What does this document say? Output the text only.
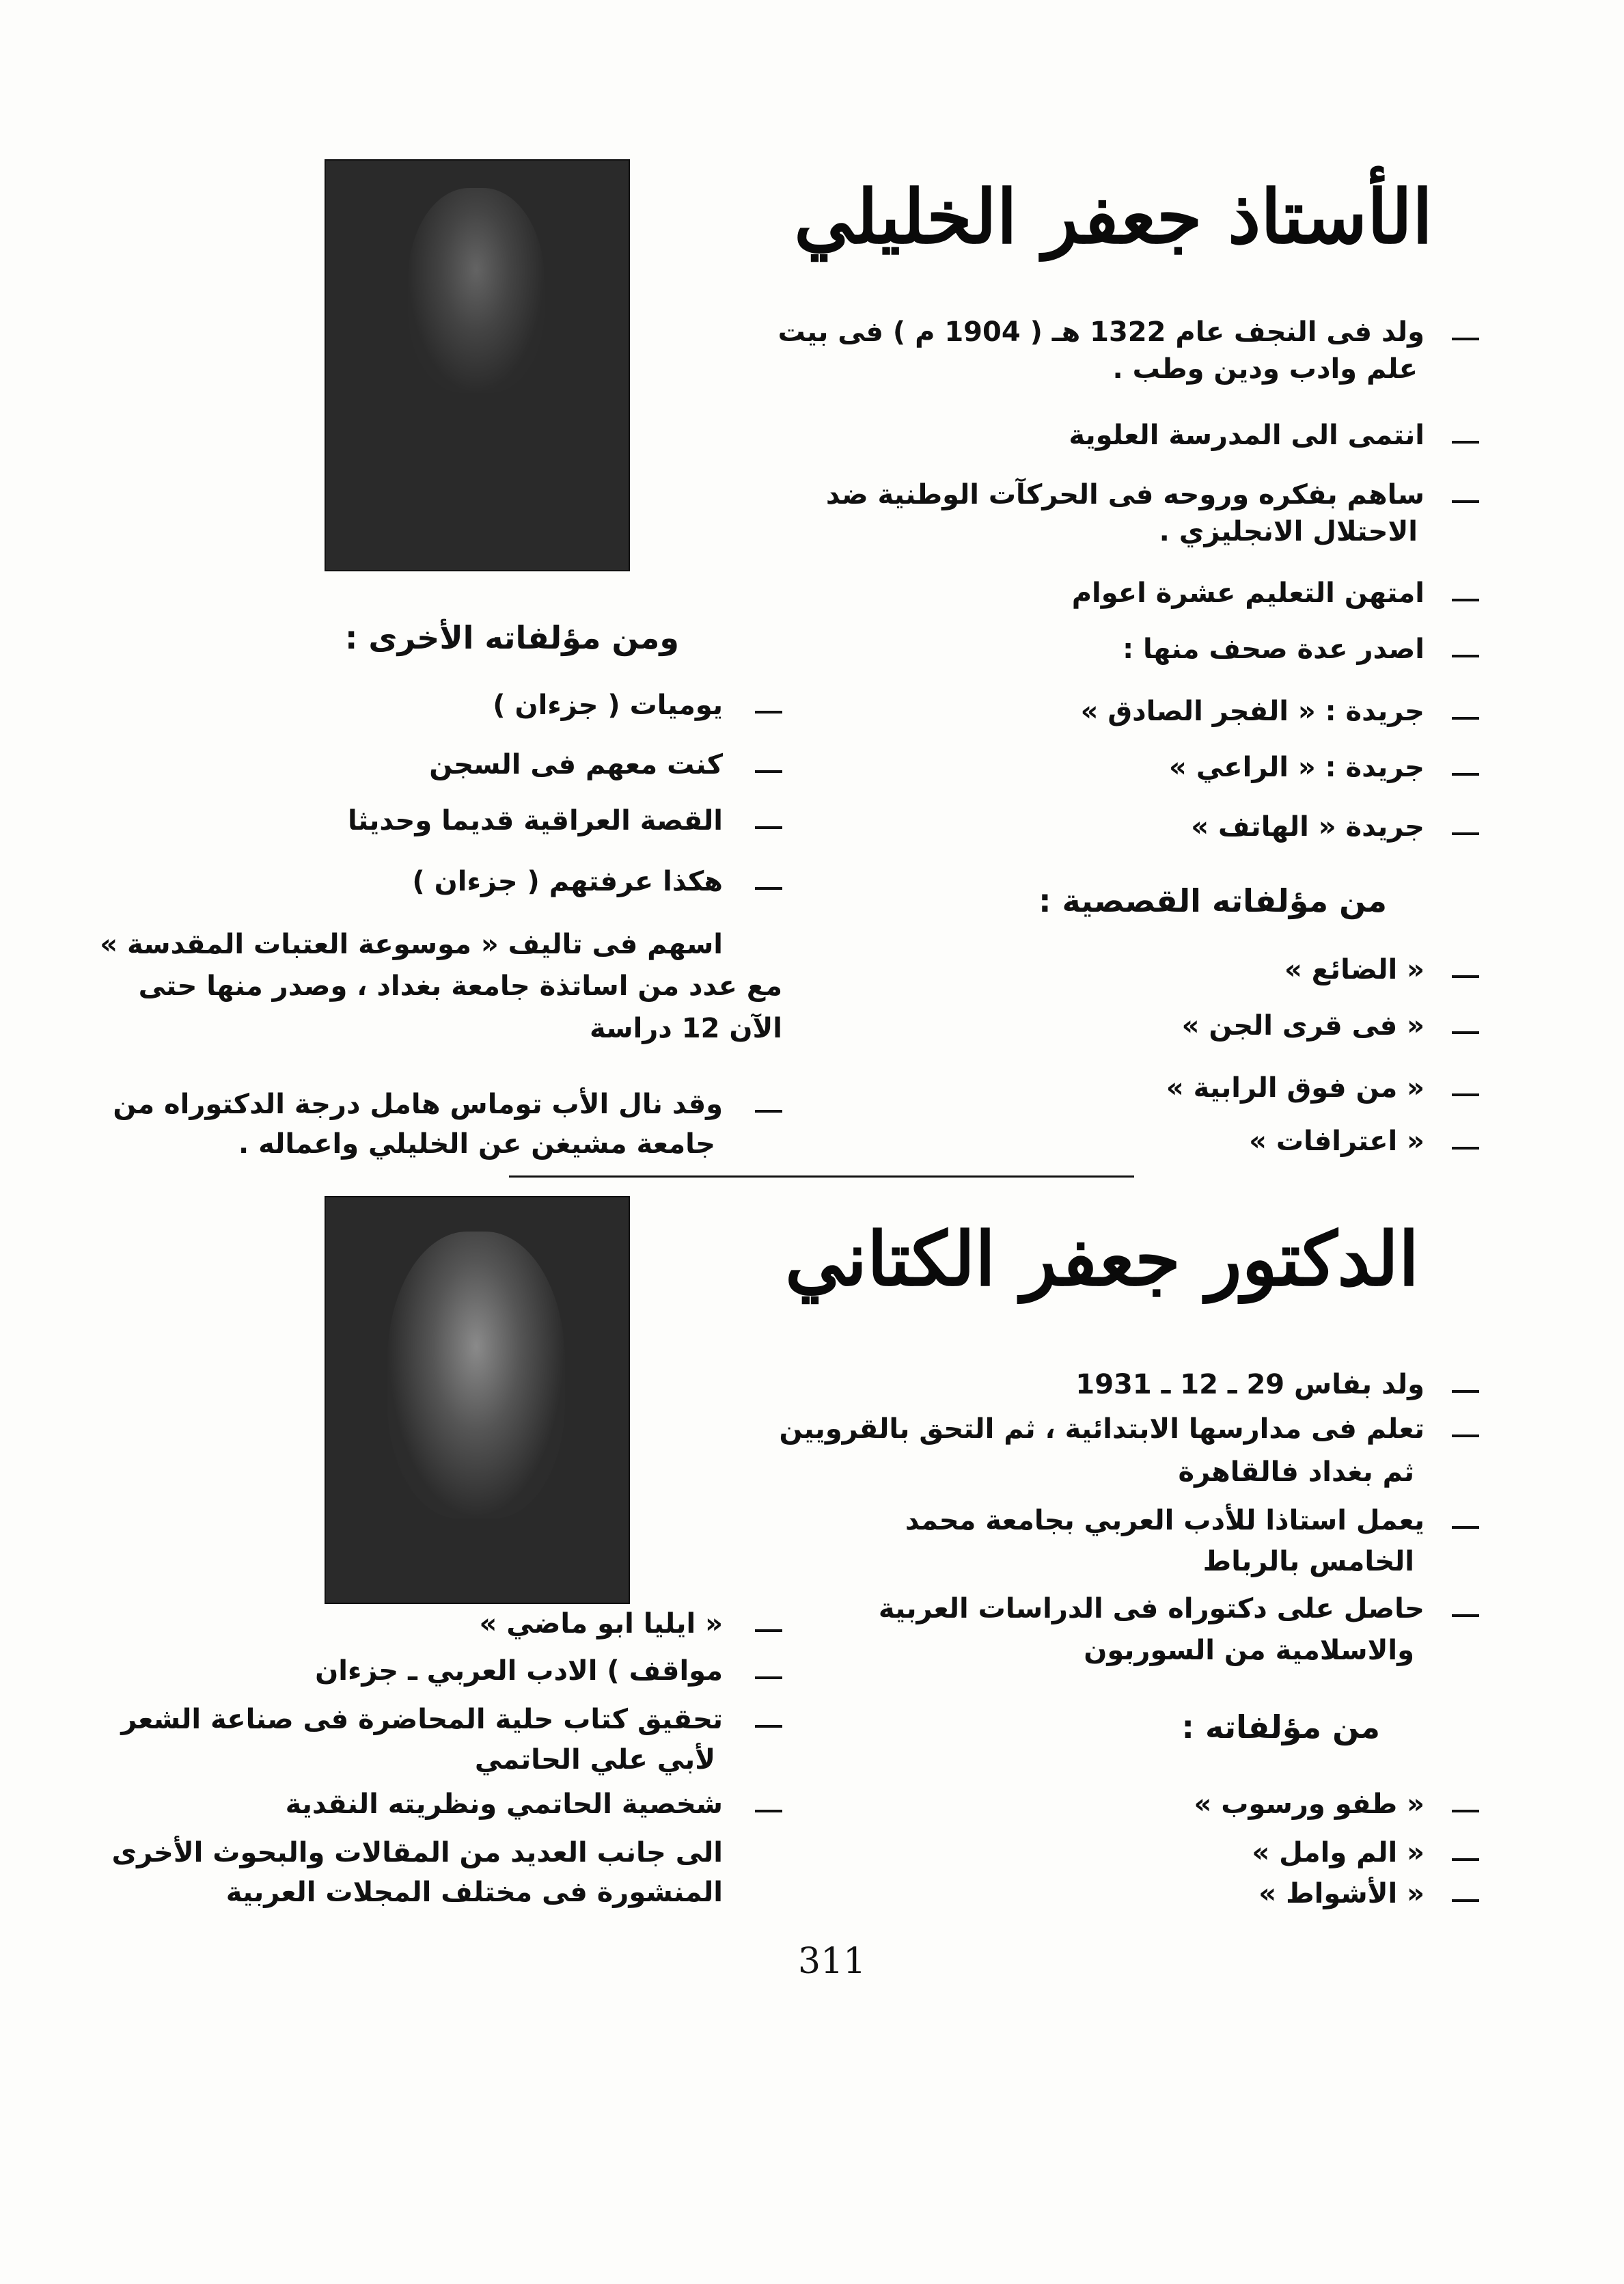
الأستاذ جعفر الخليلي
الدكتور جعفر الكتاني
311
ولد فى النجف عام 1322 هـ ( 1904 م ) فى بيت
علم وادب ودين وطب .
انتمى الى المدرسة العلوية
ساهم بفكره وروحه فى الحركآت الوطنية ضد
الاحتلال الانجليزي .
امتهن التعليم عشرة اعوام
اصدر عدة صحف منها :
جريدة : « الفجر الصادق »
جريدة : « الراعي »
جريدة « الهاتف »
من مؤلفاته القصصية :
« الضائع »
« فى قرى الجن »
« من فوق الرابية »
« اعترافات »
ومن مؤلفاته الأخرى :
يوميات ( جزءان )
كنت معهم فى السجن
القصة العراقية قديما وحديثا
هكذا عرفتهم ( جزءان )
اسهم فى تاليف « موسوعة العتبات المقدسة »
مع عدد من اساتذة جامعة بغداد ، وصدر منها حتى
الآن 12 دراسة
وقد نال الأب توماس هامل درجة الدكتوراه من
جامعة مشيغن عن الخليلي واعماله .
ولد بفاس 29 ـ 12 ـ 1931
تعلم فى مدارسها الابتدائية ، ثم التحق بالقرويين
ثم بغداد فالقاهرة
يعمل استاذا للأدب العربي بجامعة محمد
الخامس بالرباط
حاصل على دكتوراه فى الدراسات العربية
والاسلامية من السوربون
من مؤلفاته :
« طفو ورسوب »
« الم وامل »
« الأشواط »
« ايليا ابو ماضي »
مواقف ) الادب العربي ـ جزءان
تحقيق كتاب حلية المحاضرة فى صناعة الشعر
لأبي علي الحاتمي
شخصية الحاتمي ونظريته النقدية
الى جانب العديد من المقالات والبحوث الأخرى
المنشورة فى مختلف المجلات العربية
